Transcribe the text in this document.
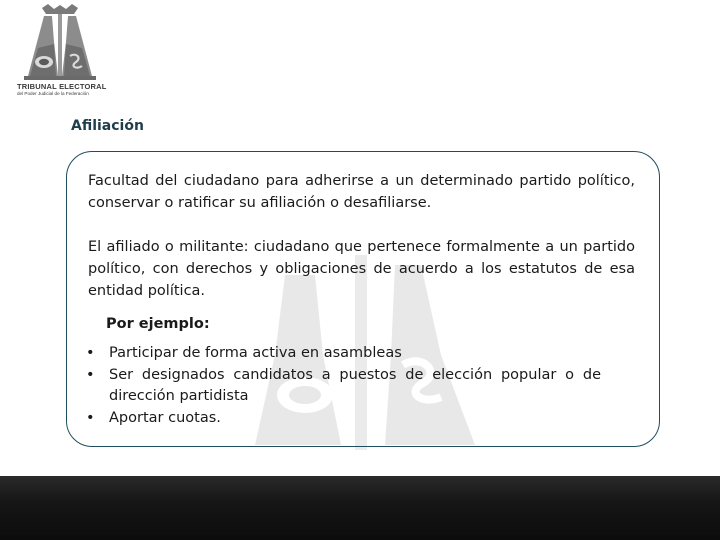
TRIBUNAL ELECTORAL
del Poder Judicial de la Federación
Afiliación

Facultad del ciudadano para adherirse a un determinado partido político, conservar o ratificar su afiliación o desafiliarse.

El afiliado o militante: ciudadano que pertenece formalmente a un partido político, con derechos y obligaciones de acuerdo a los estatutos de esa entidad política.

Por ejemplo:
• Participar de forma activa en asambleas
• Ser designados candidatos a puestos de elección popular o de dirección partidista
• Aportar cuotas.
